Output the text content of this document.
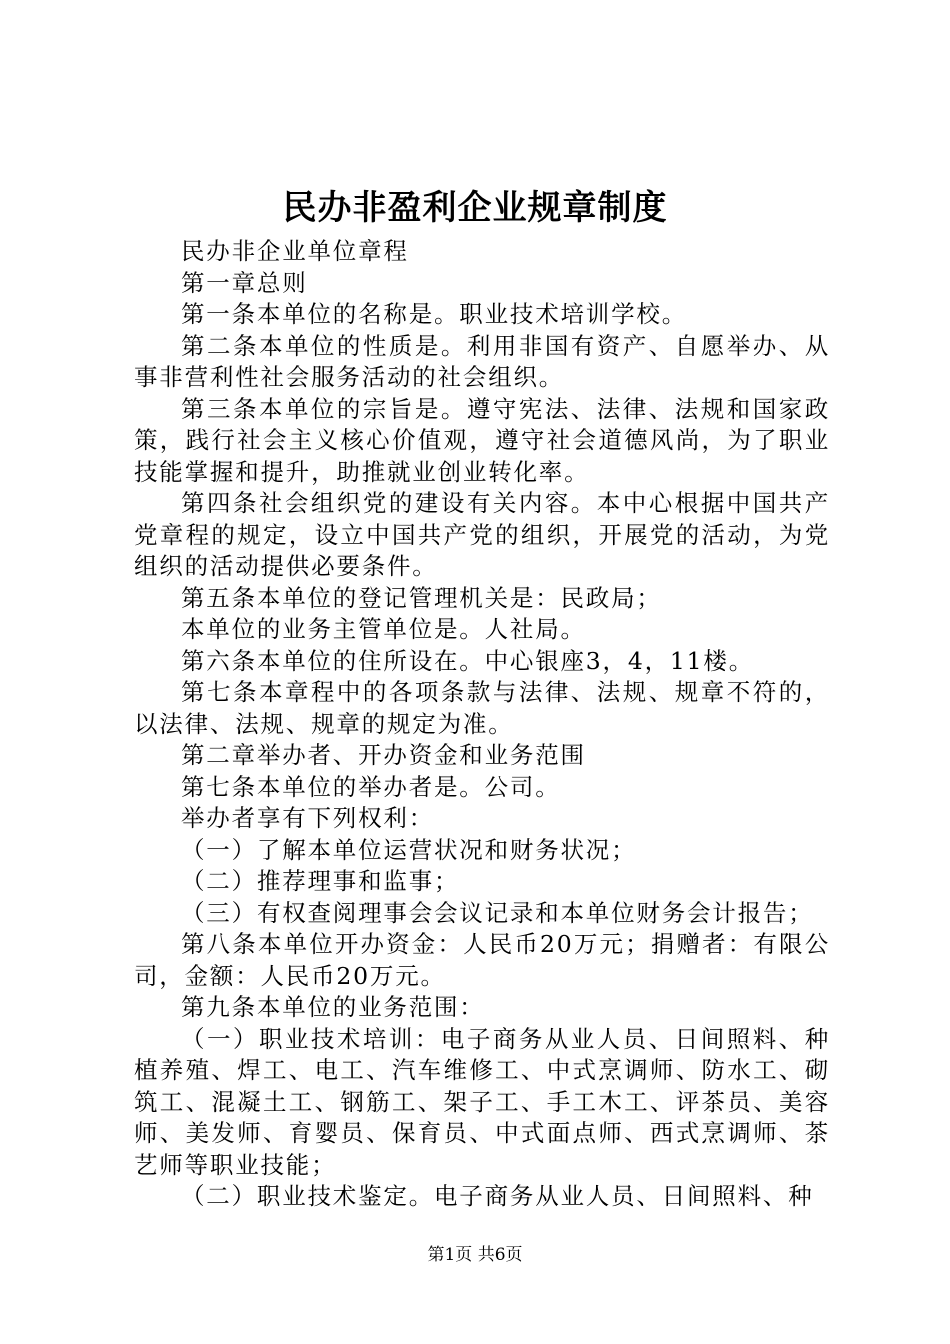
民办非盈利企业规章制度

民办非企业单位章程

第一章总则

第一条本单位的名称是。职业技术培训学校。

第二条本单位的性质是。利用非国有资产、自愿举办、从事非营利性社会服务活动的社会组织。

第三条本单位的宗旨是。遵守宪法、法律、法规和国家政策，践行社会主义核心价值观，遵守社会道德风尚，为了职业技能掌握和提升，助推就业创业转化率。

第四条社会组织党的建设有关内容。本中心根据中国共产党章程的规定，设立中国共产党的组织，开展党的活动，为党组织的活动提供必要条件。

第五条本单位的登记管理机关是：民政局；

本单位的业务主管单位是。人社局。

第六条本单位的住所设在。中心银座3，4，11楼。

第七条本章程中的各项条款与法律、法规、规章不符的，以法律、法规、规章的规定为准。

第二章举办者、开办资金和业务范围

第七条本单位的举办者是。公司。

举办者享有下列权利：

（一）了解本单位运营状况和财务状况；

（二）推荐理事和监事；

（三）有权查阅理事会会议记录和本单位财务会计报告；

第八条本单位开办资金：人民币20万元；捐赠者：有限公司，金额：人民币20万元。

第九条本单位的业务范围：

（一）职业技术培训：电子商务从业人员、日间照料、种植养殖、焊工、电工、汽车维修工、中式烹调师、防水工、砌筑工、混凝土工、钢筋工、架子工、手工木工、评茶员、美容师、美发师、育婴员、保育员、中式面点师、西式烹调师、茶艺师等职业技能；

（二）职业技术鉴定。电子商务从业人员、日间照料、种

第1页 共6页
